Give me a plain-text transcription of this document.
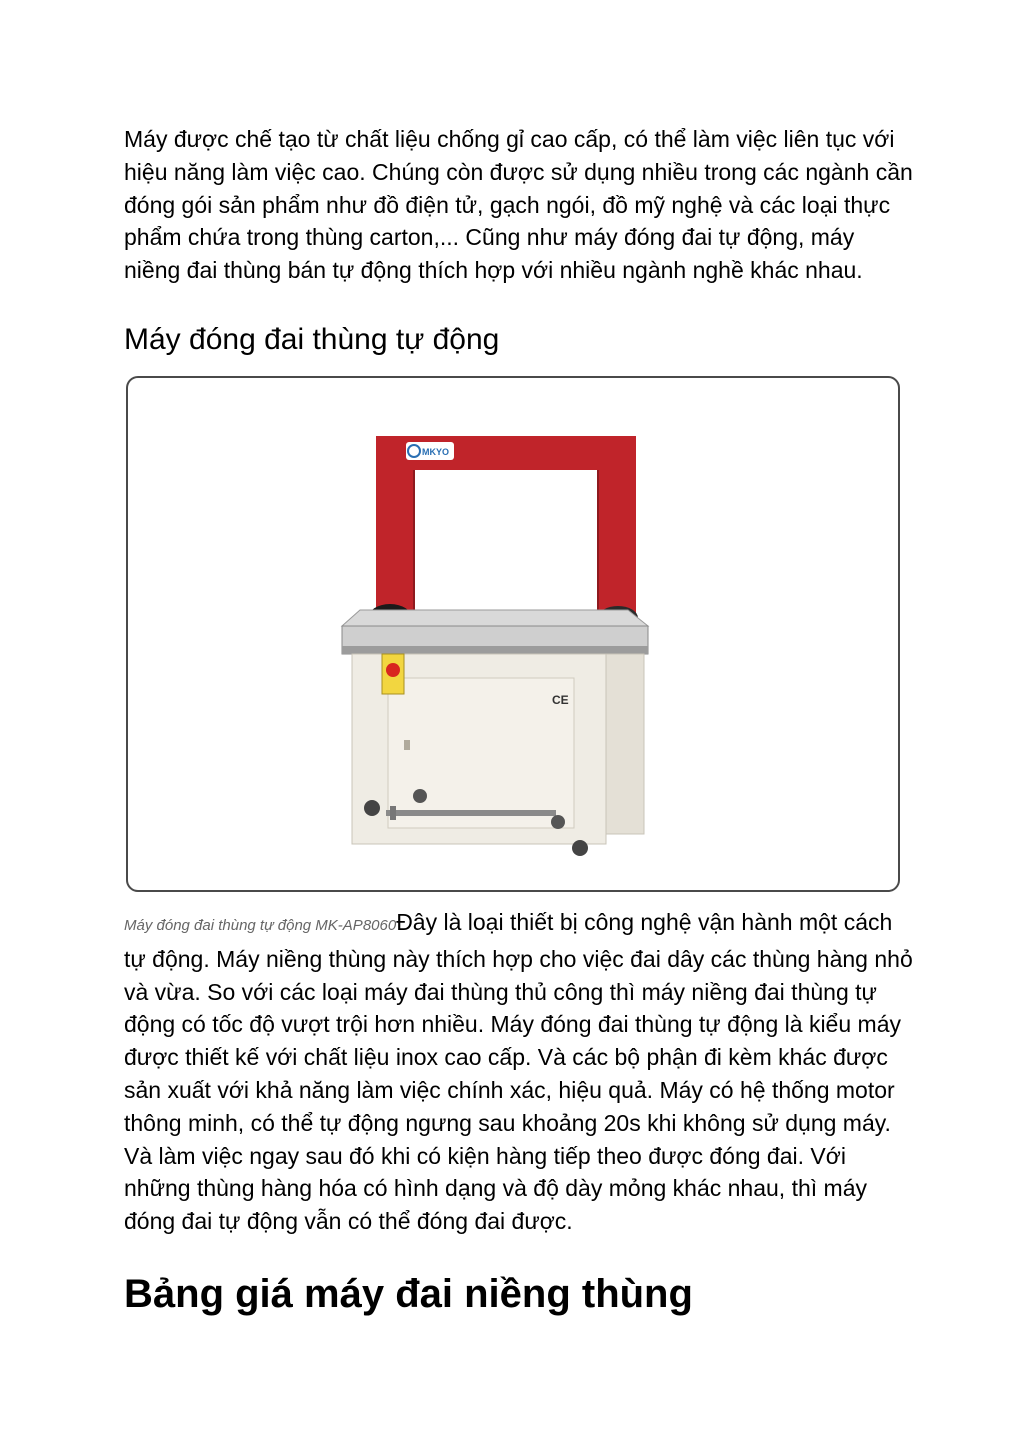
Máy được chế tạo từ chất liệu chống gỉ cao cấp, có thể làm việc liên tục với hiệu năng làm việc cao. Chúng còn được sử dụng nhiều trong các ngành cần đóng gói sản phẩm như đồ điện tử, gạch ngói, đồ mỹ nghệ và các loại thực phẩm chứa trong thùng carton,... Cũng như máy đóng đai tự động, máy niềng đai thùng bán tự động thích hợp với nhiều ngành nghề khác nhau.

Máy đóng đai thùng tự động
MKYO
CE

Máy đóng đai thùng tự động MK-AP8060Đây là loại thiết bị công nghệ vận hành một cách tự động. Máy niềng thùng này thích hợp cho việc đai dây các thùng hàng nhỏ và vừa. So với các loại máy đai thùng thủ công thì máy niềng đai thùng tự động có tốc độ vượt trội hơn nhiều. Máy đóng đai thùng tự động là kiểu máy được thiết kế với chất liệu inox cao cấp. Và các bộ phận đi kèm khác được sản xuất với khả năng làm việc chính xác, hiệu quả. Máy có hệ thống motor thông minh, có thể tự động ngưng sau khoảng 20s khi không sử dụng máy. Và làm việc ngay sau đó khi có kiện hàng tiếp theo được đóng đai. Với những thùng hàng hóa có hình dạng và độ dày mỏng khác nhau, thì máy đóng đai tự động vẫn có thể đóng đai được.

Bảng giá máy đai niềng thùng
